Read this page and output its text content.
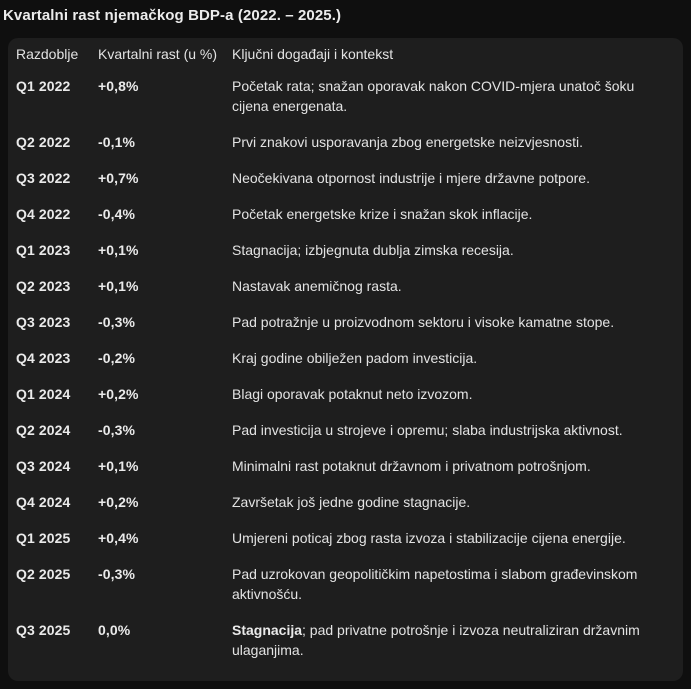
Kvartalni rast njemačkog BDP-a (2022. – 2025.)
Razdoblje	Kvartalni rast (u %)	Ključni događaji i kontekst
Q1 2022	+0,8%	Početak rata; snažan oporavak nakon COVID-mjera unatoč šoku cijena energenata.
Q2 2022	-0,1%	Prvi znakovi usporavanja zbog energetske neizvjesnosti.
Q3 2022	+0,7%	Neočekivana otpornost industrije i mjere državne potpore.
Q4 2022	-0,4%	Početak energetske krize i snažan skok inflacije.
Q1 2023	+0,1%	Stagnacija; izbjegnuta dublja zimska recesija.
Q2 2023	+0,1%	Nastavak anemičnog rasta.
Q3 2023	-0,3%	Pad potražnje u proizvodnom sektoru i visoke kamatne stope.
Q4 2023	-0,2%	Kraj godine obilježen padom investicija.
Q1 2024	+0,2%	Blagi oporavak potaknut neto izvozom.
Q2 2024	-0,3%	Pad investicija u strojeve i opremu; slaba industrijska aktivnost.
Q3 2024	+0,1%	Minimalni rast potaknut državnom i privatnom potrošnjom.
Q4 2024	+0,2%	Završetak još jedne godine stagnacije.
Q1 2025	+0,4%	Umjereni poticaj zbog rasta izvoza i stabilizacije cijena energije.
Q2 2025	-0,3%	Pad uzrokovan geopolitičkim napetostima i slabom građevinskom aktivnošću.
Q3 2025	0,0%	Stagnacija; pad privatne potrošnje i izvoza neutraliziran državnim ulaganjima.
